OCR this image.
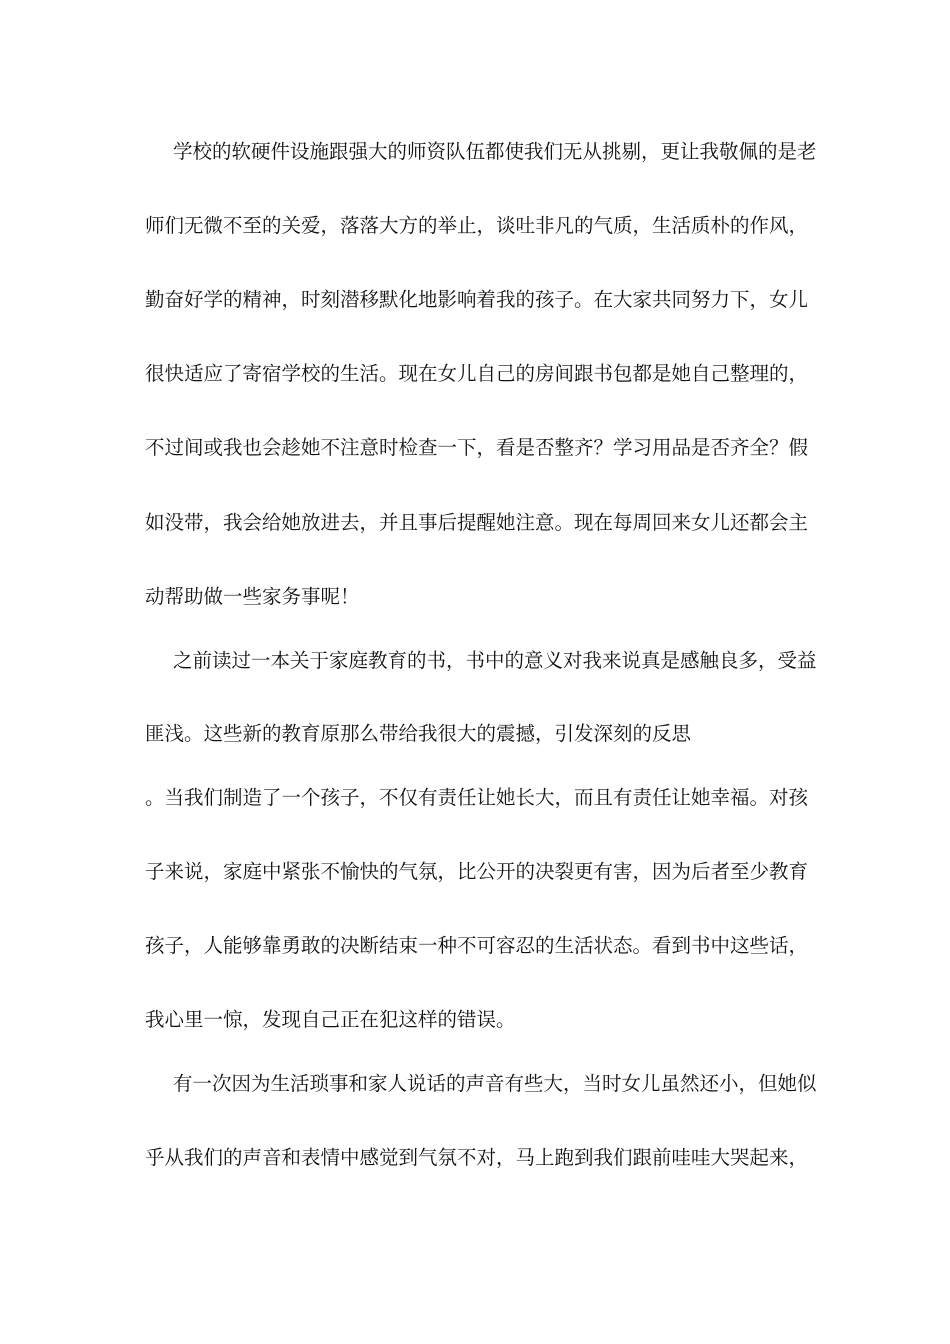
学校的软硬件设施跟强大的师资队伍都使我们无从挑剔，更让我敬佩的是老
师们无微不至的关爱，落落大方的举止，谈吐非凡的气质，生活质朴的作风，
勤奋好学的精神，时刻潜移默化地影响着我的孩子。在大家共同努力下，女儿
很快适应了寄宿学校的生活。现在女儿自己的房间跟书包都是她自己整理的，
不过间或我也会趁她不注意时检查一下，看是否整齐？学习用品是否齐全？假
如没带，我会给她放进去，并且事后提醒她注意。现在每周回来女儿还都会主
动帮助做一些家务事呢！
之前读过一本关于家庭教育的书，书中的意义对我来说真是感触良多，受益
匪浅。这些新的教育原那么带给我很大的震撼，引发深刻的反思
。当我们制造了一个孩子，不仅有责任让她长大，而且有责任让她幸福。对孩
子来说，家庭中紧张不愉快的气氛，比公开的决裂更有害，因为后者至少教育
孩子，人能够靠勇敢的决断结束一种不可容忍的生活状态。看到书中这些话，
我心里一惊，发现自己正在犯这样的错误。
有一次因为生活琐事和家人说话的声音有些大，当时女儿虽然还小，但她似
乎从我们的声音和表情中感觉到气氛不对，马上跑到我们跟前哇哇大哭起来，
